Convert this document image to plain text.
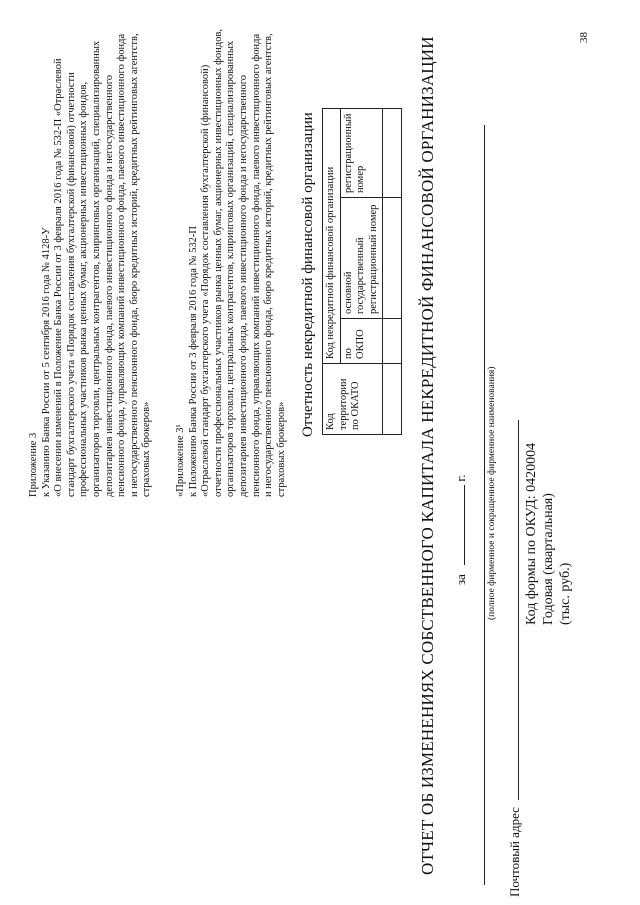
Приложение 3 к Указанию Банка России от 5 сентября 2016 года № 4128-У «О внесении изменений в Положение Банка России от 3 февраля 2016 года № 532-П «Отраслевой стандарт бухгалтерского учета «Порядок составления бухгалтерской (финансовой) отчетности профессиональных участников рынка ценных бумаг, акционерных инвестиционных фондов, организаторов торговли, центральных контрагентов, клиринговых организаций, специализированных депозитариев инвестиционного фонда, паевого инвестиционного фонда и негосударственного пенсионного фонда, управляющих компаний инвестиционного фонда, паевого инвестиционного фонда и негосударственного пенсионного фонда, бюро кредитных историй, кредитных рейтинговых агентств, страховых брокеров» «Приложение 3¹ к Положению Банка России от 3 февраля 2016 года № 532-П «Отраслевой стандарт бухгалтерского учета «Порядок составления бухгалтерской (финансовой) отчетности профессиональных участников рынка ценных бумаг, акционерных инвестиционных фондов, организаторов торговли, центральных контрагентов, клиринговых организаций, специализированных депозитариев инвестиционного фонда, паевого инвестиционного фонда и негосударственного пенсионного фонда, управляющих компаний инвестиционного фонда, паевого инвестиционного фонда и негосударственного пенсионного фонда, бюро кредитных историй, кредитных рейтинговых агентств, страховых брокеров»

Отчетность некредитной финансовой организации Код территории по ОКАТО	Код некредитной финансовой организации		
	по ОКПО	основной государственный регистрационный номер	регистрационный номер
				ОТЧЕТ ОБ ИЗМЕНЕНИЯХ СОБСТВЕННОГО КАПИТАЛА НЕКРЕДИТНОЙ ФИНАНСОВОЙ ОРГАНИЗАЦИИ за  г. (полное фирменное и сокращенное фирменное наименования)
Почтовый адрес
Код формы по ОКУД: 0420004 Годовая (квартальная) (тыс. руб.)
38
